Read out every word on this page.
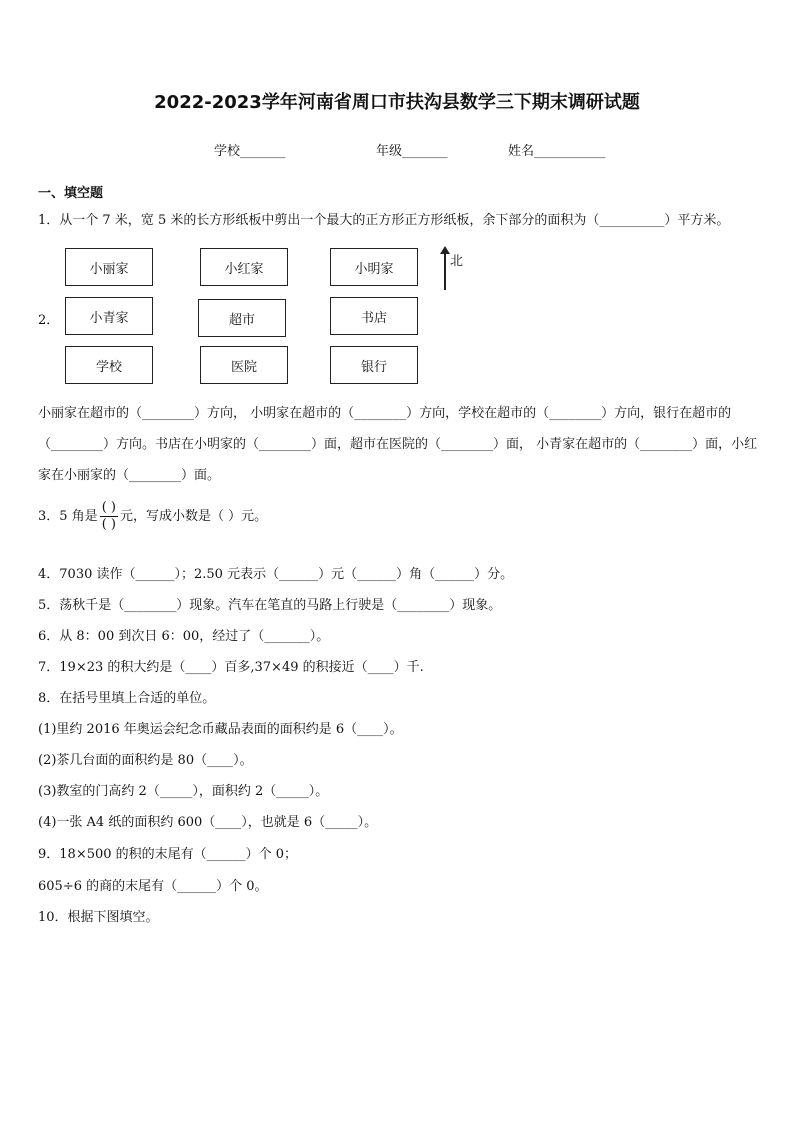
2022-2023学年河南省周口市扶沟县数学三下期末调研试题
学校_______	年级_______	姓名___________
一、填空题
1．从一个 7 米，宽 5 米的长方形纸板中剪出一个最大的正方形正方形纸板，余下部分的面积为（__________）平方米。
2．
小丽家	小红家	小明家
小青家	超市	书店
学校	医院	银行
北
小丽家在超市的（________）方向， 小明家在超市的（________）方向，学校在超市的（________）方向，银行在超市的（________）方向。书店在小明家的（________）面，超市在医院的（________）面， 小青家在超市的（________）面，小红家在小丽家的（________）面。
3．5 角是 $\frac{( )}{( )}$ 元，写成小数是（ ）元。
4．7030 读作（______）；2.50 元表示（______）元（______）角（______）分。
5．荡秋千是（________）现象。汽车在笔直的马路上行驶是（________）现象。
6．从 8：00 到次日 6：00，经过了（_______）。
7．19×23 的积大约是（____）百多,37×49 的积接近（____）千.
8．在括号里填上合适的单位。
(1)里约 2016 年奥运会纪念币藏品表面的面积约是 6（____）。
(2)茶几台面的面积约是 80（____）。
(3)教室的门高约 2（_____），面积约 2（_____）。
(4)一张 A4 纸的面积约 600（____），也就是 6（_____）。
9．18×500 的积的末尾有（______）个 0；
605÷6 的商的末尾有（______）个 0。
10．根据下图填空。
